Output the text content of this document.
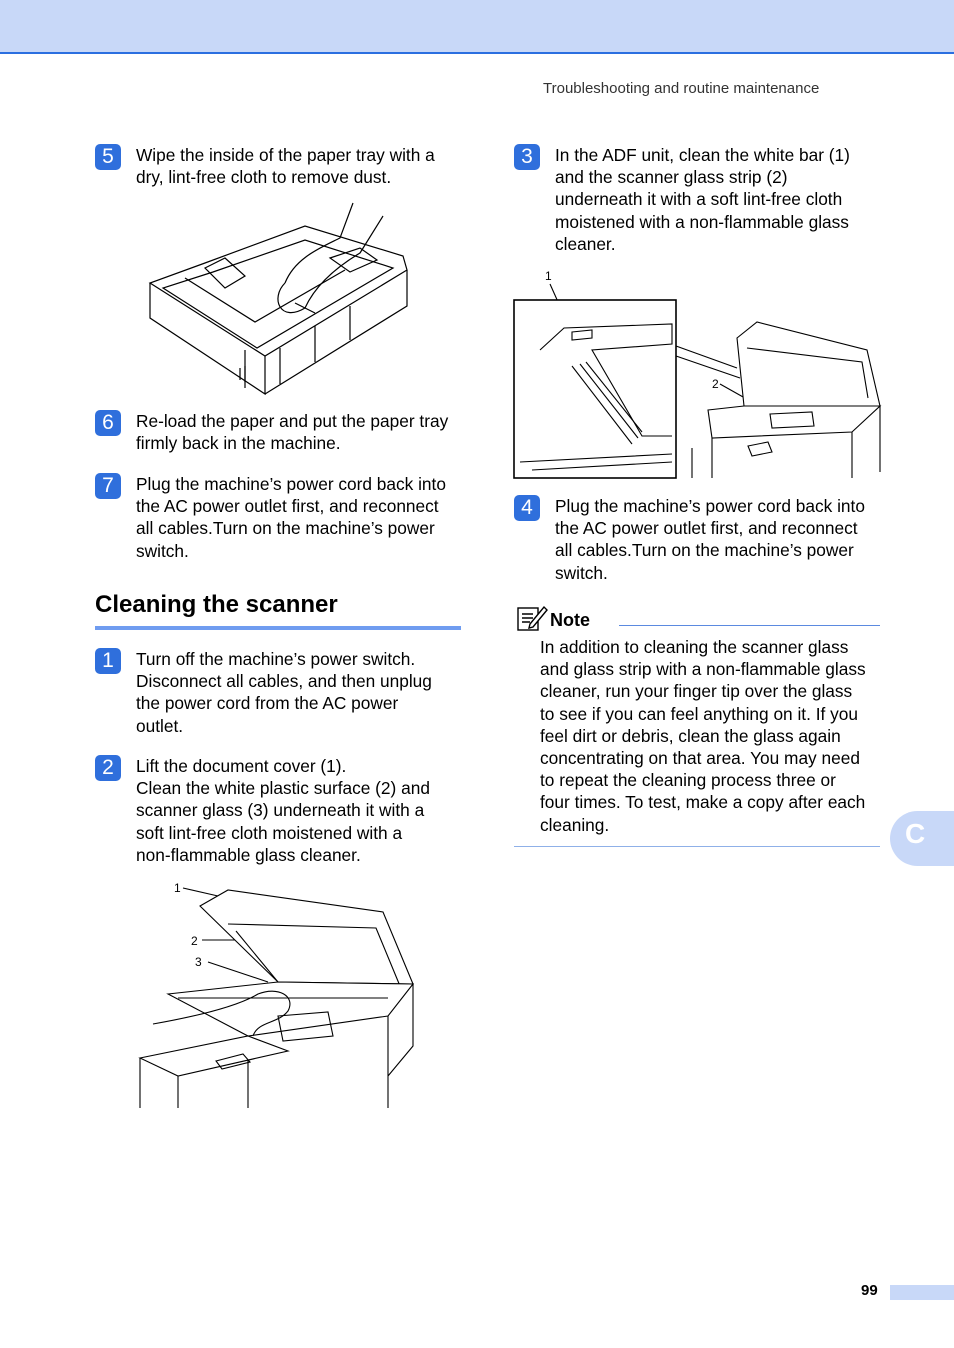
Troubleshooting and routine maintenance
5	Wipe the inside of the paper tray with a

dry, lint-free cloth to remove dust.

6	Re-load the paper and put the paper tray

firmly back in the machine.

7	Plug the machine’s power cord back into

the AC power outlet first, and reconnect

all cables.Turn on the machine’s power

switch.

Cleaning the scanner
1	Turn off the machine’s power switch.

Disconnect all cables, and then unplug

the power cord from the AC power

outlet.

2	Lift the document cover (1).

Clean the white plastic surface (2) and

scanner glass (3) underneath it with a

soft lint-free cloth moistened with a

non-flammable glass cleaner.

1
2
3
3	In the ADF unit, clean the white bar (1)

and the scanner glass strip (2)

underneath it with a soft lint-free cloth

moistened with a non-flammable glass

cleaner.

1
2
4	Plug the machine’s power cord back into

the AC power outlet first, and reconnect

all cables.Turn on the machine’s power

switch.

Note
In addition to cleaning the scanner glass
and glass strip with a non-flammable glass
cleaner, run your finger tip over the glass
to see if you can feel anything on it. If you
feel dirt or debris, clean the glass again
concentrating on that area. You may need
to repeat the cleaning process three or
four times. To test, make a copy after each
cleaning.	C
99
